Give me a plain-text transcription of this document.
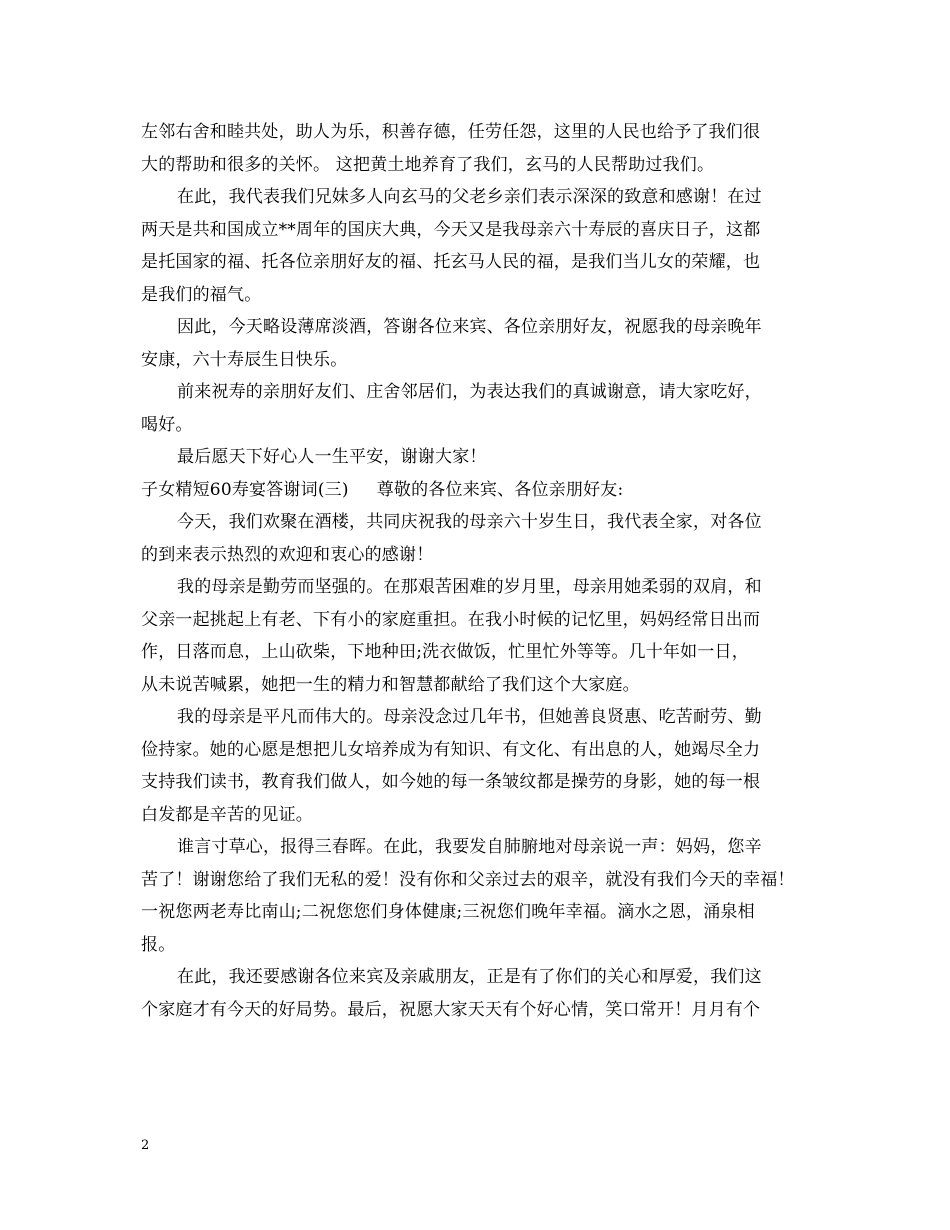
左邻右舍和睦共处，助人为乐，积善存德，任劳任怨，这里的人民也给予了我们很
大的帮助和很多的关怀。 这把黄土地养育了我们，玄马的人民帮助过我们。
在此，我代表我们兄妹多人向玄马的父老乡亲们表示深深的致意和感谢！在过
两天是共和国成立**周年的国庆大典，今天又是我母亲六十寿辰的喜庆日子，这都
是托国家的福、托各位亲朋好友的福、托玄马人民的福，是我们当儿女的荣耀，也
是我们的福气。
因此，今天略设薄席淡酒，答谢各位来宾、各位亲朋好友，祝愿我的母亲晚年
安康，六十寿辰生日快乐。
前来祝寿的亲朋好友们、庄舍邻居们，为表达我们的真诚谢意，请大家吃好，
喝好。
最后愿天下好心人一生平安，谢谢大家！
子女精短60寿宴答谢词(三) 尊敬的各位来宾、各位亲朋好友:
今天，我们欢聚在酒楼，共同庆祝我的母亲六十岁生日，我代表全家，对各位
的到来表示热烈的欢迎和衷心的感谢！
我的母亲是勤劳而坚强的。在那艰苦困难的岁月里，母亲用她柔弱的双肩，和
父亲一起挑起上有老、下有小的家庭重担。在我小时候的记忆里，妈妈经常日出而
作，日落而息，上山砍柴，下地种田;洗衣做饭，忙里忙外等等。几十年如一日，
从未说苦喊累，她把一生的精力和智慧都献给了我们这个大家庭。
我的母亲是平凡而伟大的。母亲没念过几年书，但她善良贤惠、吃苦耐劳、勤
俭持家。她的心愿是想把儿女培养成为有知识、有文化、有出息的人，她竭尽全力
支持我们读书，教育我们做人，如今她的每一条皱纹都是操劳的身影，她的每一根
白发都是辛苦的见证。
谁言寸草心，报得三春晖。在此，我要发自肺腑地对母亲说一声：妈妈，您辛
苦了！谢谢您给了我们无私的爱！没有你和父亲过去的艰辛，就没有我们今天的幸福！
一祝您两老寿比南山;二祝您您们身体健康;三祝您们晚年幸福。滴水之恩，涌泉相
报。
在此，我还要感谢各位来宾及亲戚朋友，正是有了你们的关心和厚爱，我们这
个家庭才有今天的好局势。最后，祝愿大家天天有个好心情，笑口常开！月月有个
2
